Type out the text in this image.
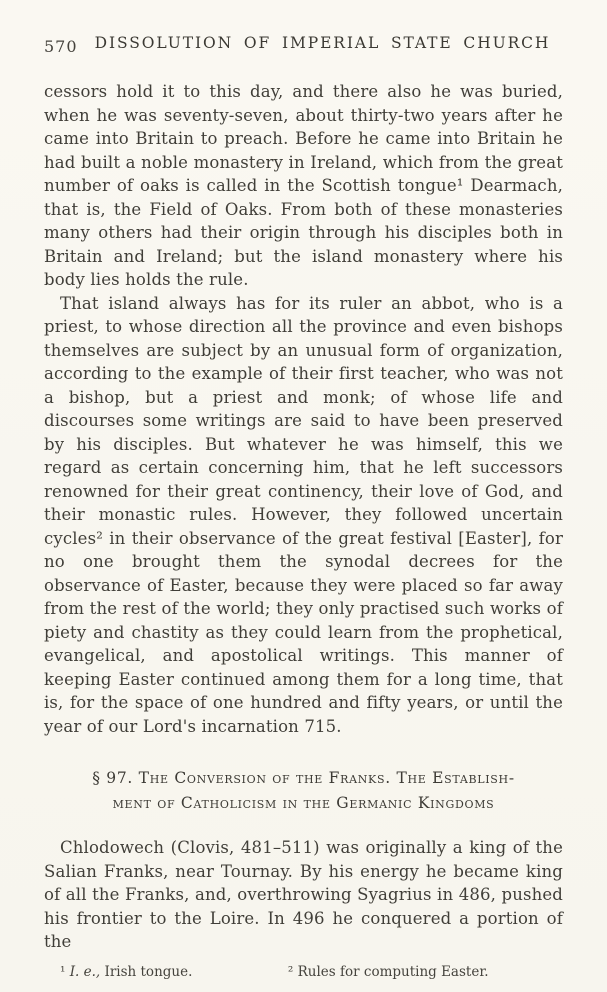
570	DISSOLUTION OF IMPERIAL STATE CHURCH

cessors hold it to this day, and there also he was buried, when he was seventy-seven, about thirty-two years after he came into Britain to preach. Before he came into Britain he had built a noble monastery in Ireland, which from the great number of oaks is called in the Scottish tongue¹ Dearmach, that is, the Field of Oaks. From both of these monasteries many others had their origin through his disciples both in Britain and Ireland; but the island monastery where his body lies holds the rule.

That island always has for its ruler an abbot, who is a priest, to whose direction all the province and even bishops themselves are subject by an unusual form of organization, according to the example of their first teacher, who was not a bishop, but a priest and monk; of whose life and discourses some writings are said to have been preserved by his disciples. But whatever he was himself, this we regard as certain concerning him, that he left successors renowned for their great continency, their love of God, and their monastic rules. However, they followed uncertain cycles² in their observance of the great festival [Easter], for no one brought them the synodal decrees for the observance of Easter, because they were placed so far away from the rest of the world; they only practised such works of piety and chastity as they could learn from the prophetical, evangelical, and apostolical writings. This manner of keeping Easter continued among them for a long time, that is, for the space of one hundred and fifty years, or until the year of our Lord's incarnation 715.

§ 97. The Conversion of the Franks. The Establish-
ment of Catholicism in the Germanic Kingdoms

Chlodowech (Clovis, 481–511) was originally a king of the Salian Franks, near Tournay. By his energy he became king of all the Franks, and, overthrowing Syagrius in 486, pushed his frontier to the Loire. In 496 he conquered a portion of the

¹ I. e., Irish tongue.	² Rules for computing Easter.
